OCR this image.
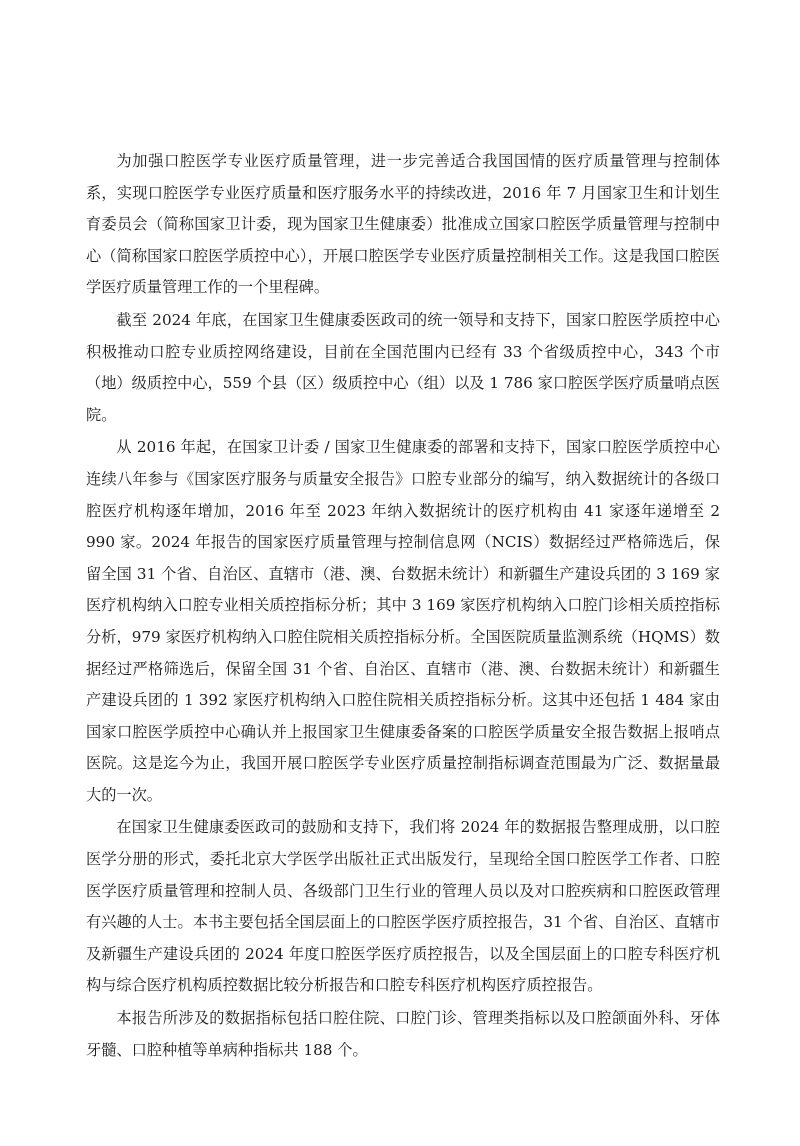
为加强口腔医学专业医疗质量管理，进一步完善适合我国国情的医疗质量管理与控制体系，实现口腔医学专业医疗质量和医疗服务水平的持续改进，2016 年 7 月国家卫生和计划生育委员会（简称国家卫计委，现为国家卫生健康委）批准成立国家口腔医学质量管理与控制中心（简称国家口腔医学质控中心），开展口腔医学专业医疗质量控制相关工作。这是我国口腔医学医疗质量管理工作的一个里程碑。

截至 2024 年底，在国家卫生健康委医政司的统一领导和支持下，国家口腔医学质控中心积极推动口腔专业质控网络建设，目前在全国范围内已经有 33 个省级质控中心，343 个市（地）级质控中心，559 个县（区）级质控中心（组）以及 1 786 家口腔医学医疗质量哨点医院。

从 2016 年起，在国家卫计委 / 国家卫生健康委的部署和支持下，国家口腔医学质控中心连续八年参与《国家医疗服务与质量安全报告》口腔专业部分的编写，纳入数据统计的各级口腔医疗机构逐年增加，2016 年至 2023 年纳入数据统计的医疗机构由 41 家逐年递增至 2 990 家。2024 年报告的国家医疗质量管理与控制信息网（NCIS）数据经过严格筛选后，保留全国 31 个省、自治区、直辖市（港、澳、台数据未统计）和新疆生产建设兵团的 3 169 家医疗机构纳入口腔专业相关质控指标分析；其中 3 169 家医疗机构纳入口腔门诊相关质控指标分析，979 家医疗机构纳入口腔住院相关质控指标分析。全国医院质量监测系统（HQMS）数据经过严格筛选后，保留全国 31 个省、自治区、直辖市（港、澳、台数据未统计）和新疆生产建设兵团的 1 392 家医疗机构纳入口腔住院相关质控指标分析。这其中还包括 1 484 家由国家口腔医学质控中心确认并上报国家卫生健康委备案的口腔医学质量安全报告数据上报哨点医院。这是迄今为止，我国开展口腔医学专业医疗质量控制指标调查范围最为广泛、数据量最大的一次。

在国家卫生健康委医政司的鼓励和支持下，我们将 2024 年的数据报告整理成册，以口腔医学分册的形式，委托北京大学医学出版社正式出版发行，呈现给全国口腔医学工作者、口腔医学医疗质量管理和控制人员、各级部门卫生行业的管理人员以及对口腔疾病和口腔医政管理有兴趣的人士。本书主要包括全国层面上的口腔医学医疗质控报告，31 个省、自治区、直辖市及新疆生产建设兵团的 2024 年度口腔医学医疗质控报告，以及全国层面上的口腔专科医疗机构与综合医疗机构质控数据比较分析报告和口腔专科医疗机构医疗质控报告。

本报告所涉及的数据指标包括口腔住院、口腔门诊、管理类指标以及口腔颌面外科、牙体牙髓、口腔种植等单病种指标共 188 个。
